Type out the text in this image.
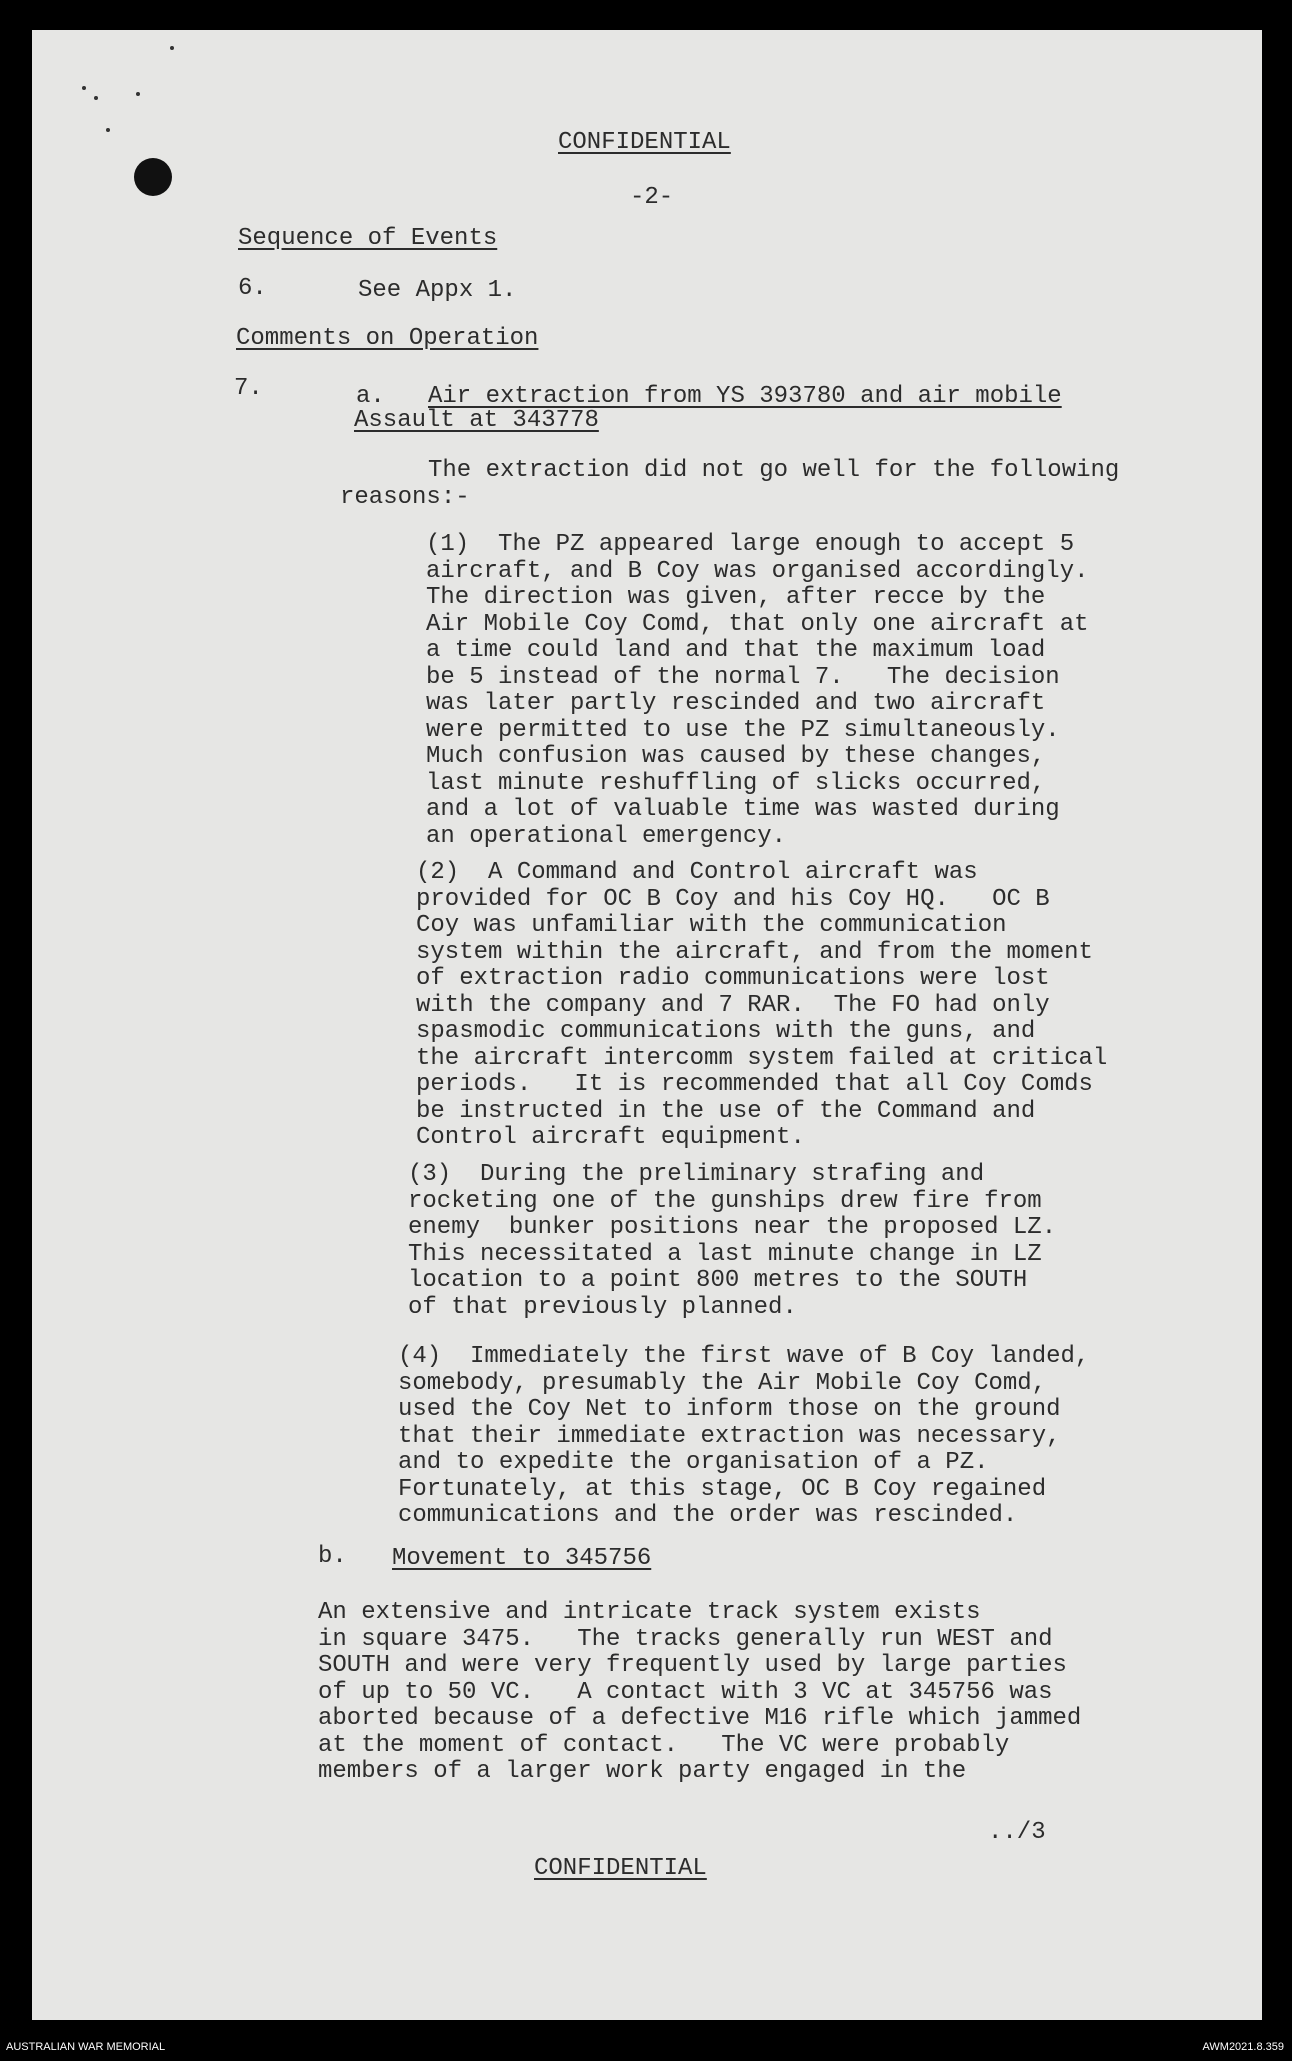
CONFIDENTIAL
-2-
Sequence of Events
6.	See Appx 1.
Comments on Operation
7.	a. Air extraction from YS 393780 and air mobile
Assault at 343778
The extraction did not go well for the following
reasons:-
(1)  The PZ appeared large enough to accept 5
aircraft, and B Coy was organised accordingly.
The direction was given, after recce by the
Air Mobile Coy Comd, that only one aircraft at
a time could land and that the maximum load
be 5 instead of the normal 7.   The decision
was later partly rescinded and two aircraft
were permitted to use the PZ simultaneously.
Much confusion was caused by these changes,
last minute reshuffling of slicks occurred,
and a lot of valuable time was wasted during
an operational emergency.
(2)  A Command and Control aircraft was
provided for OC B Coy and his Coy HQ.   OC B
Coy was unfamiliar with the communication
system within the aircraft, and from the moment
of extraction radio communications were lost
with the company and 7 RAR.  The FO had only
spasmodic communications with the guns, and
the aircraft intercomm system failed at critical
periods.   It is recommended that all Coy Comds
be instructed in the use of the Command and
Control aircraft equipment.
(3)  During the preliminary strafing and
rocketing one of the gunships drew fire from
enemy  bunker positions near the proposed LZ.
This necessitated a last minute change in LZ
location to a point 800 metres to the SOUTH
of that previously planned.
(4)  Immediately the first wave of B Coy landed,
somebody, presumably the Air Mobile Coy Comd,
used the Coy Net to inform those on the ground
that their immediate extraction was necessary,
and to expedite the organisation of a PZ.
Fortunately, at this stage, OC B Coy regained
communications and the order was rescinded.
b. Movement to 345756
An extensive and intricate track system exists
in square 3475.   The tracks generally run WEST and
SOUTH and were very frequently used by large parties
of up to 50 VC.   A contact with 3 VC at 345756 was
aborted because of a defective M16 rifle which jammed
at the moment of contact.   The VC were probably
members of a larger work party engaged in the
../3
CONFIDENTIAL
AUSTRALIAN WAR MEMORIAL	AWM2021.8.359
